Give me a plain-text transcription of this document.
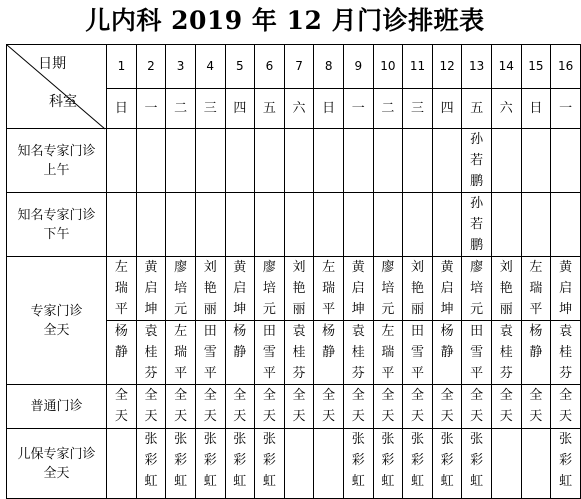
儿内科 2019 年 12 月门诊排班表
日期
科室	1	2	3	4	5	6	7	8	9	10	11	12	13	14	15	16
	日	一	二	三	四	五	六	日	一	二	三	四	五	六	日	一

知名专家门诊
上午													孙若鹏			

知名专家门诊
下午													孙若鹏			

专家门诊
全天	左瑞平	黄启坤	廖培元	刘艳丽	黄启坤	廖培元	刘艳丽	左瑞平	黄启坤	廖培元	刘艳丽	黄启坤	廖培元	刘艳丽	左瑞平	黄启坤

	杨静	袁桂芬	左瑞平	田雪平	杨静	田雪平	袁桂芬	杨静	袁桂芬	左瑞平	田雪平	杨静	田雪平	袁桂芬	杨静	袁桂芬

普通门诊	全天	全天	全天	全天	全天	全天	全天	全天	全天	全天	全天	全天	全天	全天	全天	全天

儿保专家门诊
全天		张彩虹	张彩虹	张彩虹	张彩虹	张彩虹			张彩虹	张彩虹	张彩虹	张彩虹	张彩虹			张彩虹
